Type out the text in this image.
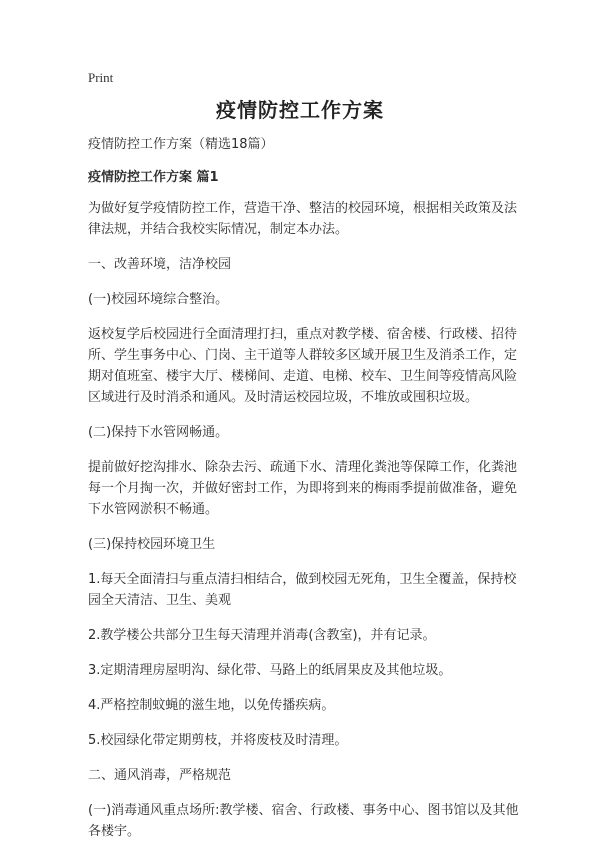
Print
疫情防控工作方案

疫情防控工作方案（精选18篇）

疫情防控工作方案 篇1

为做好复学疫情防控工作，营造干净、整洁的校园环境，根据相关政策及法律法规，并结合我校实际情况，制定本办法。

一、改善环境，洁净校园

(一)校园环境综合整治。

返校复学后校园进行全面清理打扫，重点对教学楼、宿舍楼、行政楼、招待所、学生事务中心、门岗、主干道等人群较多区域开展卫生及消杀工作，定期对值班室、楼宇大厅、楼梯间、走道、电梯、校车、卫生间等疫情高风险区域进行及时消杀和通风。及时清运校园垃圾，不堆放或囤积垃圾。

(二)保持下水管网畅通。

提前做好挖沟排水、除杂去污、疏通下水、清理化粪池等保障工作，化粪池每一个月掏一次，并做好密封工作，为即将到来的梅雨季提前做准备，避免下水管网淤积不畅通。

(三)保持校园环境卫生

1.每天全面清扫与重点清扫相结合，做到校园无死角，卫生全覆盖，保持校园全天清洁、卫生、美观

2.教学楼公共部分卫生每天清理并消毒(含教室)，并有记录。

3.定期清理房屋明沟、绿化带、马路上的纸屑果皮及其他垃圾。

4.严格控制蚊蝇的滋生地，以免传播疾病。

5.校园绿化带定期剪枝，并将废枝及时清理。

二、通风消毒，严格规范

(一)消毒通风重点场所:教学楼、宿舍、行政楼、事务中心、图书馆以及其他各楼宇。
